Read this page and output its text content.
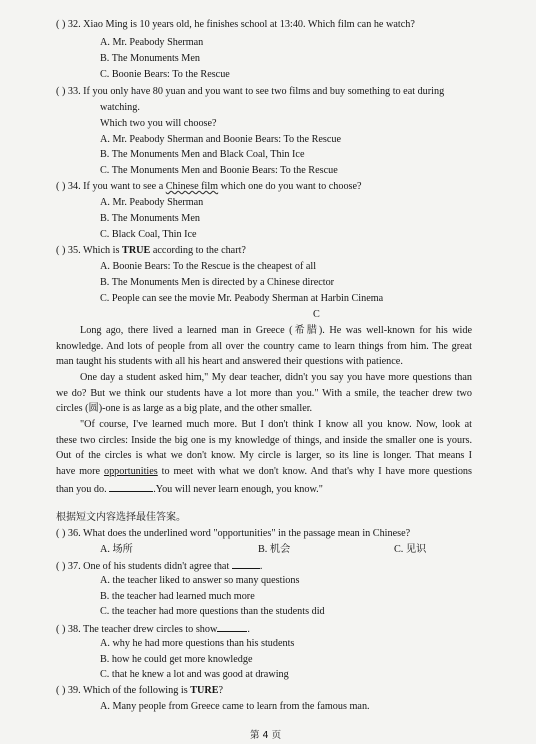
( ) 32. Xiao Ming is 10 years old, he finishes school at 13:40. Which film can he watch?
A. Mr. Peabody Sherman
B. The Monuments Men
C. Boonie Bears: To the Rescue
( ) 33. If you only have 80 yuan and you want to see two films and buy something to eat during
watching.
Which two you will choose?
A. Mr. Peabody Sherman and Boonie Bears: To the Rescue
B. The Monuments Men and Black Coal, Thin Ice
C. The Monuments Men and Boonie Bears: To the Rescue
( ) 34. If you want to see a Chinese film which one do you want to choose?
A. Mr. Peabody Sherman
B. The Monuments Men
C. Black Coal, Thin Ice
( ) 35. Which is TRUE according to the chart?
A. Boonie Bears: To the Rescue is the cheapest of all
B. The Monuments Men is directed by a Chinese director
C. People can see the movie Mr. Peabody Sherman at Harbin Cinema
C
Long ago, there lived a learned man in Greece (希腊). He was well-known for his wide
knowledge. And lots of people from all over the country came to learn things from him. The great
man taught his students with all his heart and answered their questions with patience.
One day a student asked him," My dear teacher, didn't you say you have more questions than
we do? But we think our students have a lot more than you." With a smile, the teacher drew two
circles (圆)-one is as large as a big plate, and the other smaller.
"Of course, I've learned much more. But I don't think I know all you know. Now, look at
these two circles: Inside the big one is my knowledge of things, and inside the smaller one is yours.
Out of the circles is what we don't know. My circle is larger, so its line is longer. That means I
have more opportunities to meet with what we don't know. And that's why I have more questions
than you do.	.You will never learn enough, you know."
根据短文内容选择最佳答案。
( ) 36. What does the underlined word "opportunities" in the passage mean in Chinese?
A. 场所	B. 机会	C. 见识
( ) 37. One of his students didn't agree that	.
A. the teacher liked to answer so many questions
B. the teacher had learned much more
C. the teacher had more questions than the students did
( ) 38. The teacher drew circles to show	.
A. why he had more questions than his students
B. how he could get more knowledge
C. that he knew a lot and was good at drawing
( ) 39. Which of the following is TURE?
A. Many people from Greece came to learn from the famous man.
第 4 页
